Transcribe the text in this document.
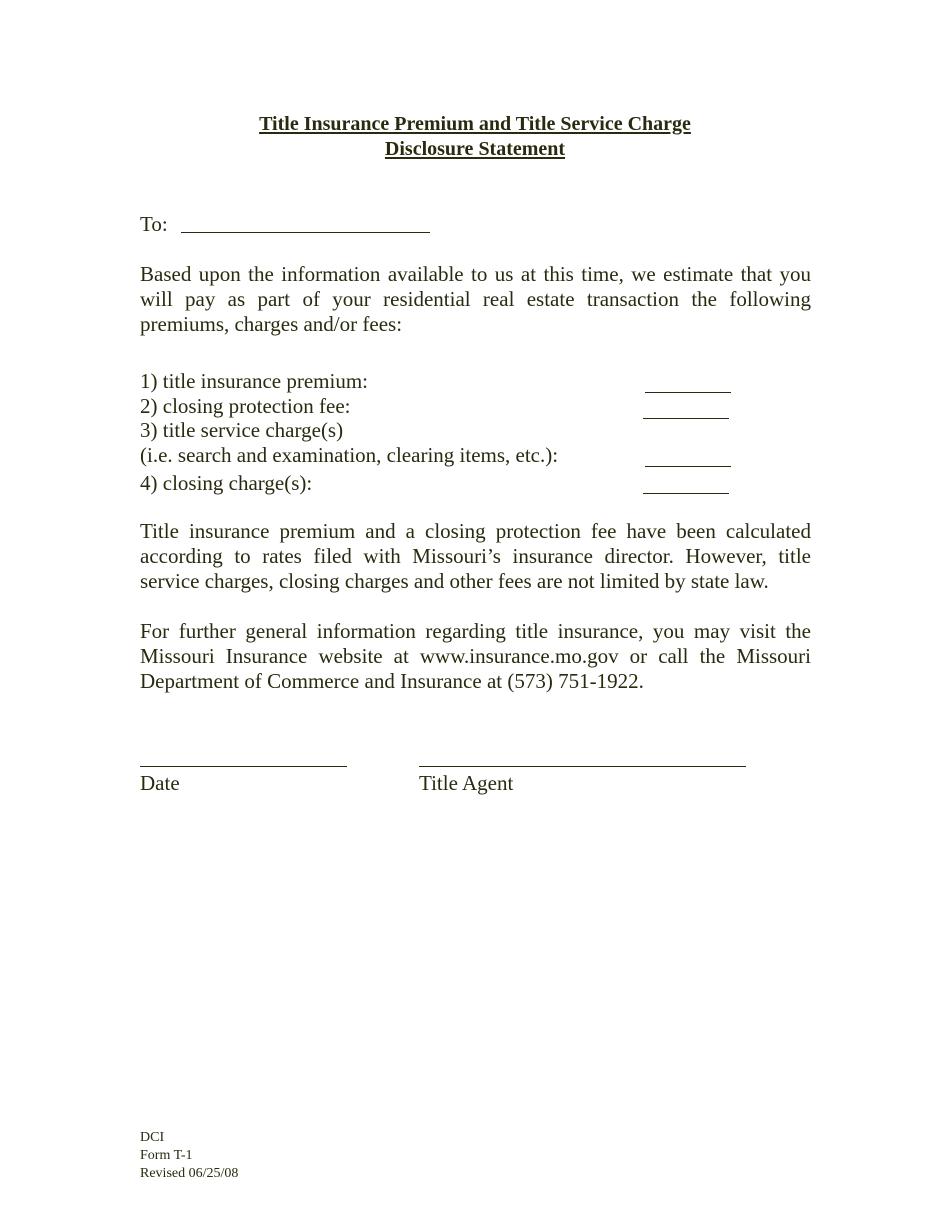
Title Insurance Premium and Title Service Charge
Disclosure Statement
To:
Based upon the information available to us at this time, we estimate that you will pay as part of your residential real estate transaction the following premiums, charges and/or fees:
1) title insurance premium:
2) closing protection fee:
3) title service charge(s)
(i.e. search and examination, clearing items, etc.):
4) closing charge(s):
Title insurance premium and a closing protection fee have been calculated according to rates filed with Missouri’s insurance director. However, title service charges, closing charges and other fees are not limited by state law.
For further general information regarding title insurance, you may visit the Missouri Insurance website at www.insurance.mo.gov or call the Missouri Department of Commerce and Insurance at (573) 751-1922.
Date	Title Agent
DCI
Form T-1
Revised 06/25/08
